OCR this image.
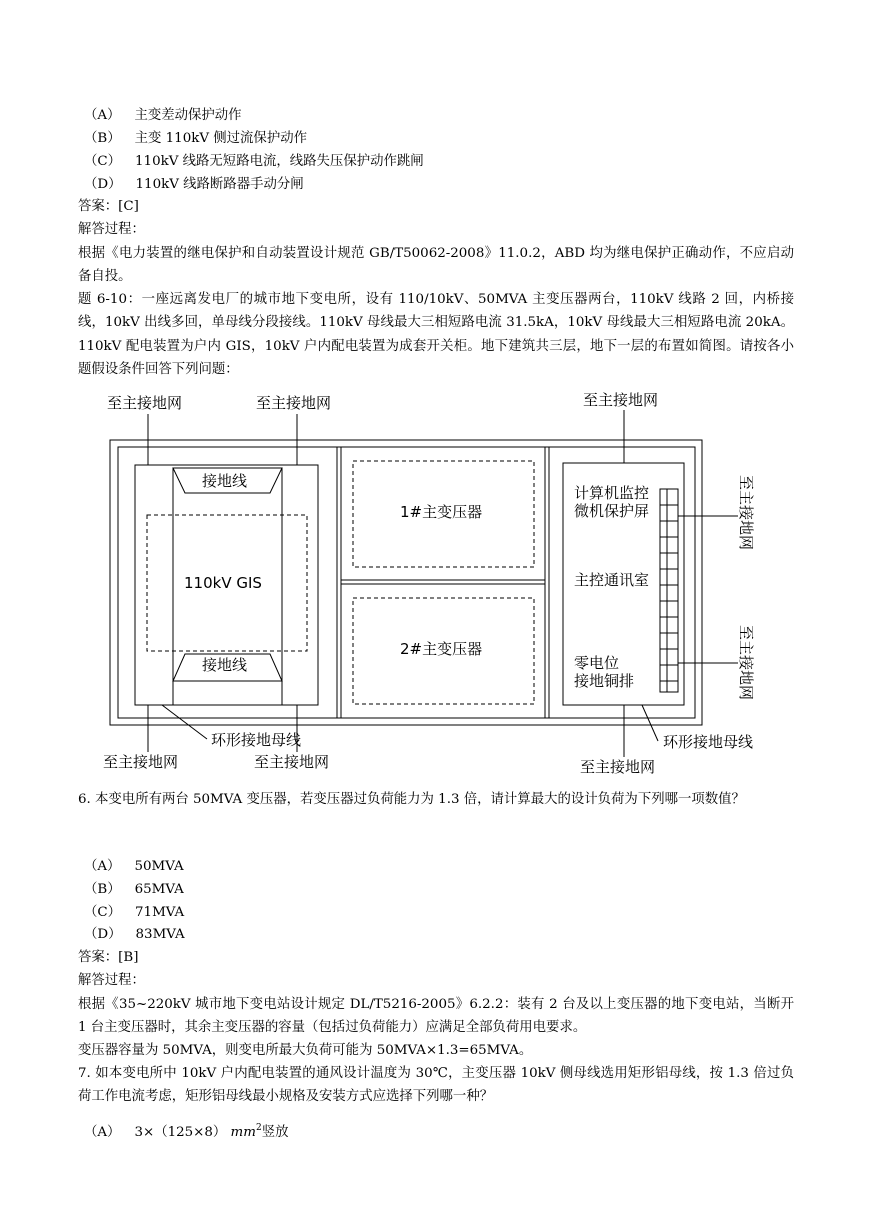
（A） 主变差动保护动作
（B） 主变 110kV 侧过流保护动作
（C） 110kV 线路无短路电流，线路失压保护动作跳闸
（D） 110kV 线路断路器手动分闸
答案：[C]
解答过程：
根据《电力装置的继电保护和自动装置设计规范 GB/T50062-2008》11.0.2，ABD 均为继电保护正确动作，不应启动备自投。
题 6-10：一座远离发电厂的城市地下变电所，设有 110/10kV、50MVA 主变压器两台，110kV 线路 2 回，内桥接线，10kV 出线多回，单母线分段接线。110kV 母线最大三相短路电流 31.5kA，10kV 母线最大三相短路电流 20kA。110kV 配电装置为户内 GIS，10kV 户内配电装置为成套开关柜。地下建筑共三层，地下一层的布置如简图。请按各小题假设条件回答下列问题：
至主接地网	至主接地网	至主接地网
接地线
接地线
110kV GIS
1#主变压器
2#主变压器
计算机监控
微机保护屏
主控通讯室
零电位
接地铜排
环形接地母线	环形接地母线
至主接地网	至主接地网	至主接地网
至主接地网
至主接地网
6. 本变电所有两台 50MVA 变压器，若变压器过负荷能力为 1.3 倍，请计算最大的设计负荷为下列哪一项数值？
（A） 50MVA
（B） 65MVA
（C） 71MVA
（D） 83MVA
答案：[B]
解答过程：
根据《35~220kV 城市地下变电站设计规定 DL/T5216-2005》6.2.2：装有 2 台及以上变压器的地下变电站，当断开 1 台主变压器时，其余主变压器的容量（包括过负荷能力）应满足全部负荷用电要求。
变压器容量为 50MVA，则变电所最大负荷可能为 50MVA×1.3=65MVA。
7. 如本变电所中 10kV 户内配电装置的通风设计温度为 30℃，主变压器 10kV 侧母线选用矩形铝母线，按 1.3 倍过负荷工作电流考虑，矩形铝母线最小规格及安装方式应选择下列哪一种？
（A） 3×（125×8） $mm^2$竖放
